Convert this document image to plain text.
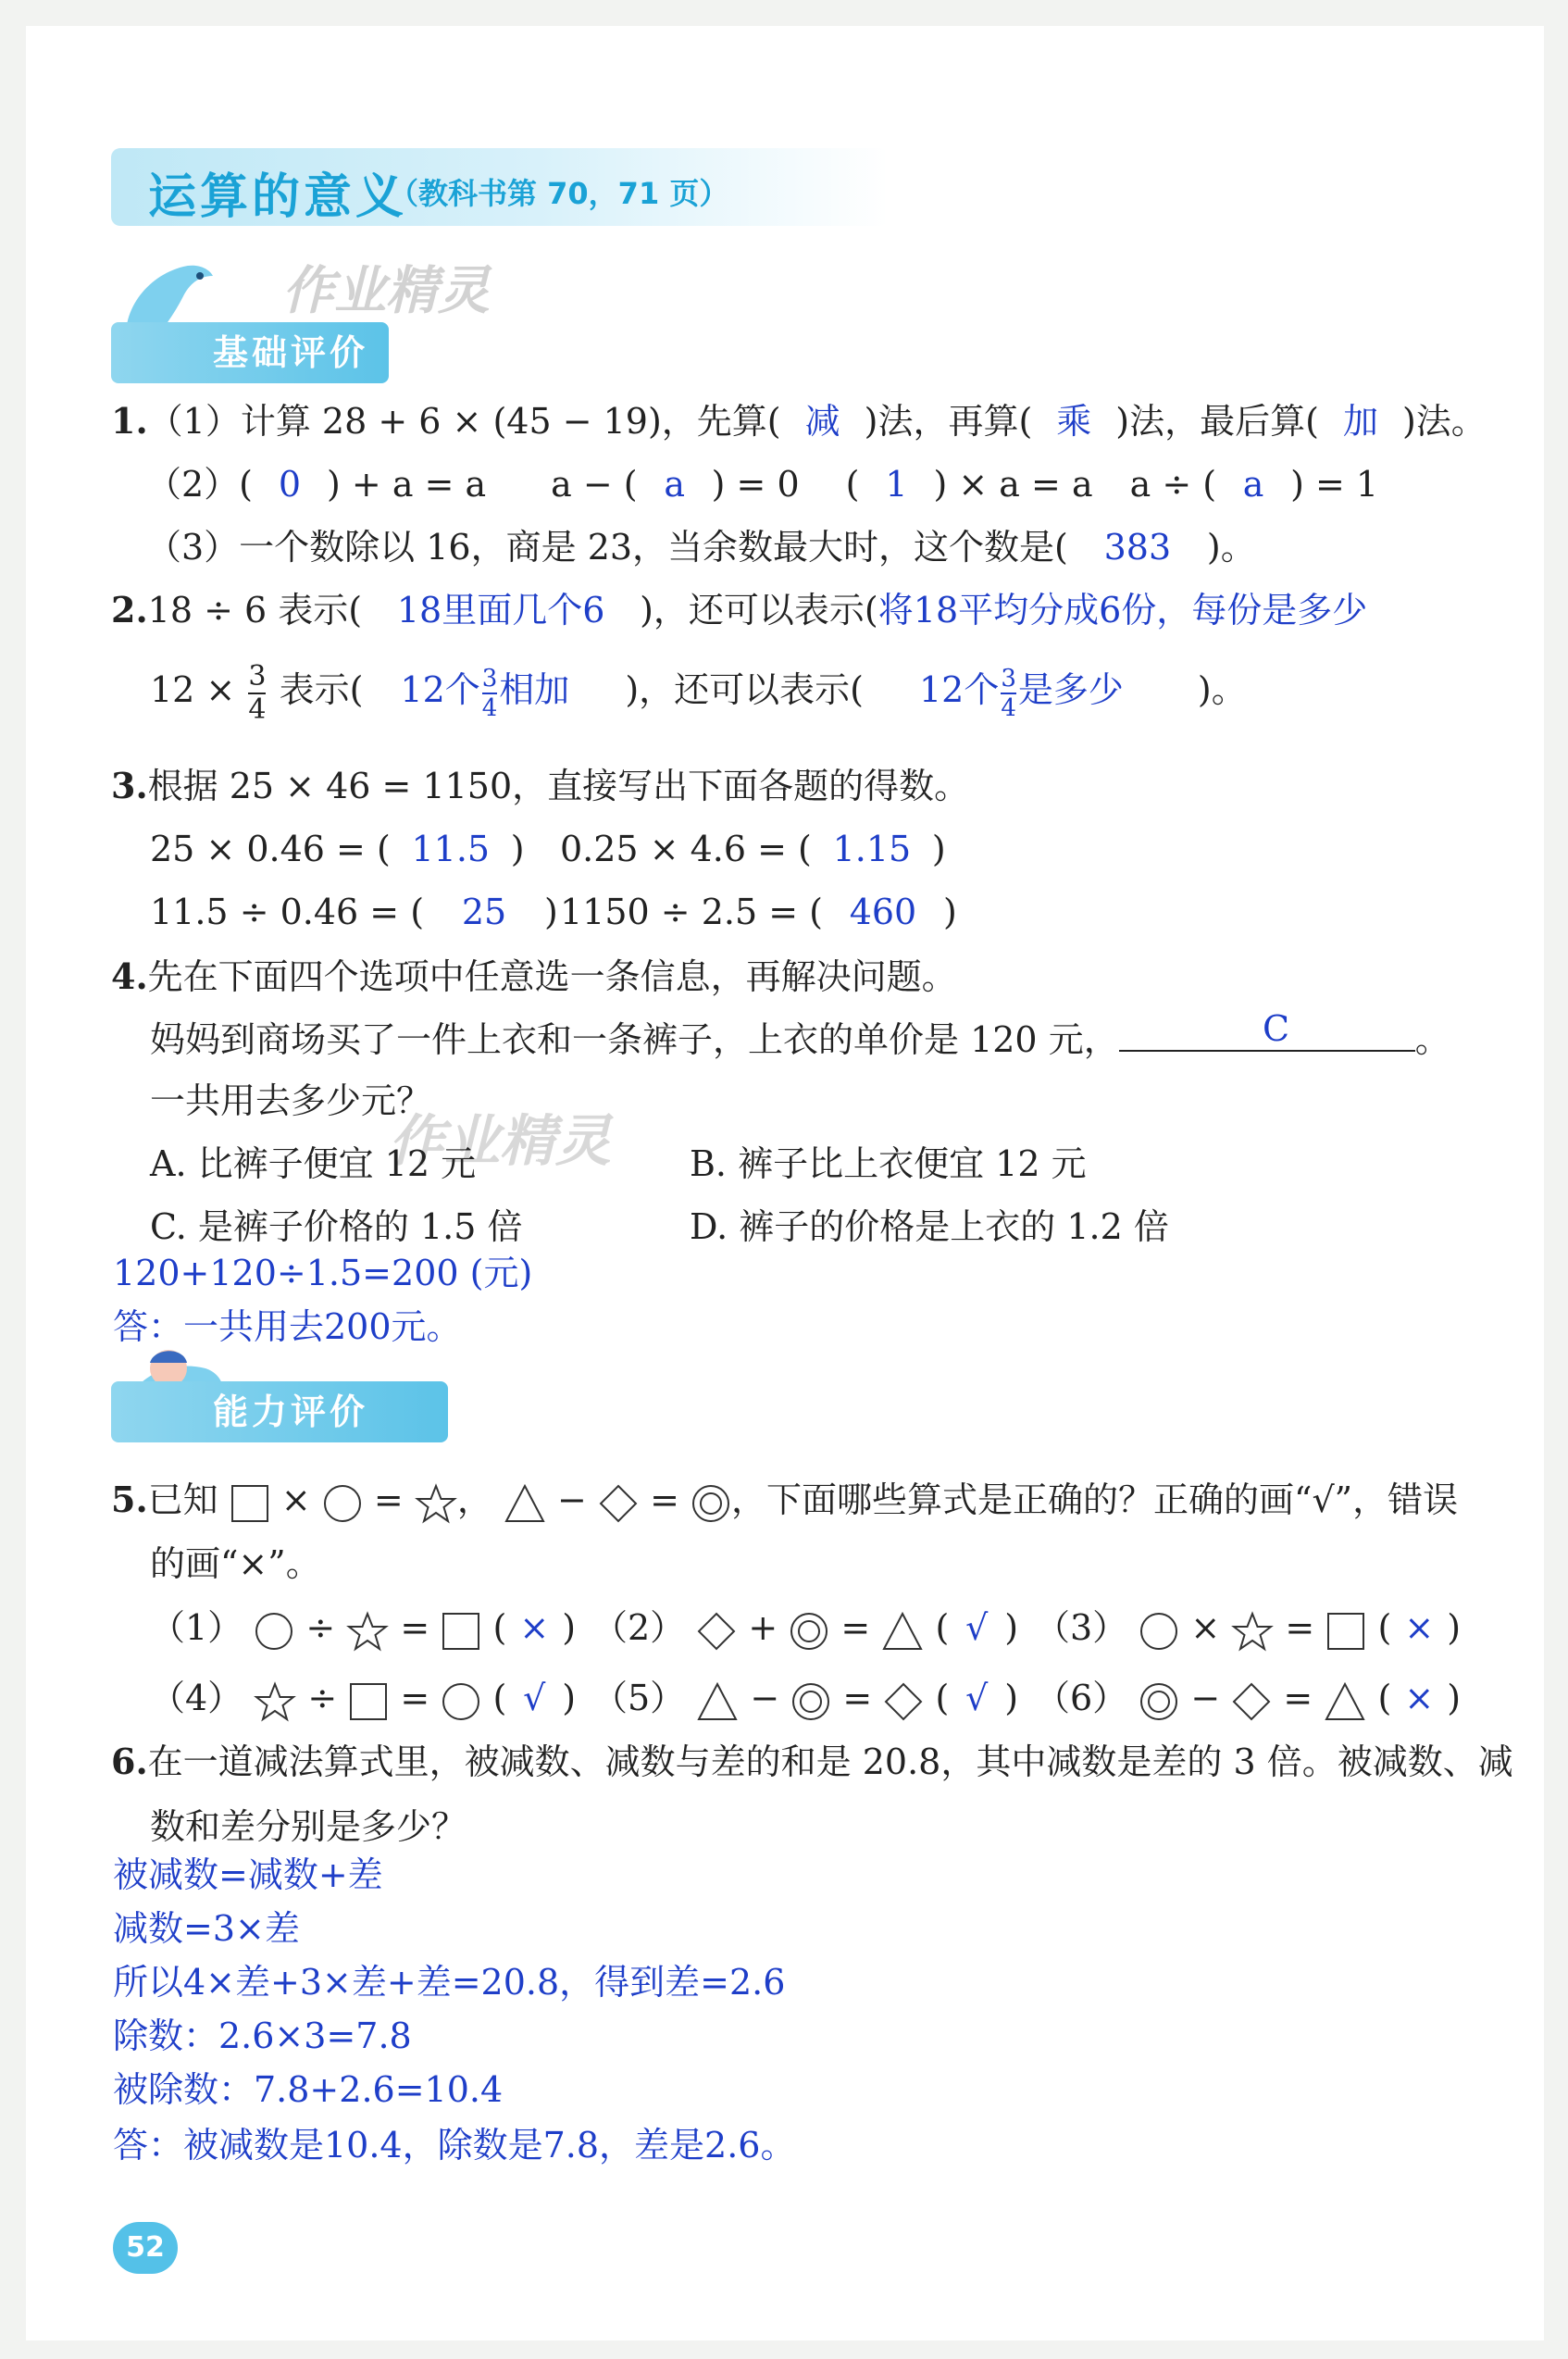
运算的意义
（教科书第 70，71 页）
作业精灵
基础评价
1.（1）计算 28 + 6 × (45 − 19)，先算( 减 )法，再算( 乘 )法，最后算( 加 )法。
（2）( 0 ) + a = a a − ( a ) = 0 ( 1 ) × a = a a ÷ ( a ) = 1
（3）一个数除以 16，商是 23，当余数最大时，这个数是( 383 )。
2.18 ÷ 6 表示( 18里面几个6 )，还可以表示(将18平均分成6份，每份是多少
$12 \times \frac{3}{4}$ 表示( 12个 $\frac{3}{4}$ 相加 )，还可以表示( 12个 $\frac{3}{4}$ 是多少 )。
3.根据 25 × 46 = 1150，直接写出下面各题的得数。
25 × 0.46 = ( 11.5 ) 0.25 × 4.6 = ( 1.15 )
11.5 ÷ 0.46 = ( 25 ) 1150 ÷ 2.5 = ( 460 )
4.先在下面四个选项中任意选一条信息，再解决问题。
妈妈到商场买了一件上衣和一条裤子，上衣的单价是 120 元，	。
C
一共用去多少元？
作业精灵
A. 比裤子便宜 12 元	B. 裤子比上衣便宜 12 元
C. 是裤子价格的 1.5 倍	D. 裤子的价格是上衣的 1.2 倍
120+120÷1.5=200 (元)
答：一共用去200元。
能力评价
5.已知 × = ， − = ，下面哪些算式是正确的？正确的画“√”，错误
的画“×”。
（1） ÷ = ( × ) （2） + = ( √ ) （3） × = ( × )
（4） ÷ = ( √ ) （5） − = ( √ ) （6） − = ( × )
6.在一道减法算式里，被减数、减数与差的和是 20.8，其中减数是差的 3 倍。被减数、减
数和差分别是多少？
被减数=减数+差
减数=3×差
所以4×差+3×差+差=20.8，得到差=2.6
除数：2.6×3=7.8
被除数：7.8+2.6=10.4
答：被减数是10.4，除数是7.8，差是2.6。
52
